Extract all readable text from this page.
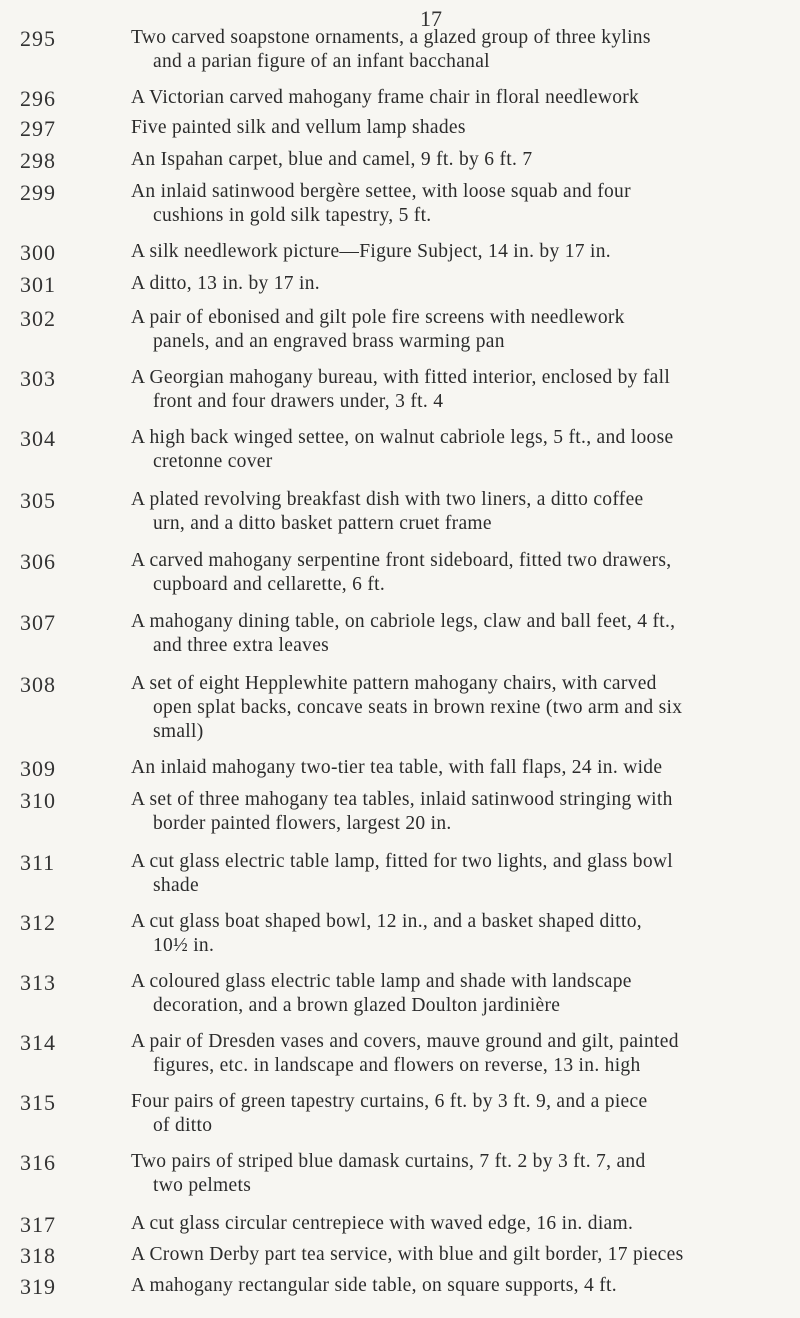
17
295	Two carved soapstone ornaments, a glazed group of three kylins
and a parian figure of an infant bacchanal
296	A Victorian carved mahogany frame chair in floral needlework
297	Five painted silk and vellum lamp shades
298	An Ispahan carpet, blue and camel, 9 ft. by 6 ft. 7
299	An inlaid satinwood bergère settee, with loose squab and four
cushions in gold silk tapestry, 5 ft.
300	A silk needlework picture—Figure Subject, 14 in. by 17 in.
301	A ditto, 13 in. by 17 in.
302	A pair of ebonised and gilt pole fire screens with needlework
panels, and an engraved brass warming pan
303	A Georgian mahogany bureau, with fitted interior, enclosed by fall
front and four drawers under, 3 ft. 4
304	A high back winged settee, on walnut cabriole legs, 5 ft., and loose
cretonne cover
305	A plated revolving breakfast dish with two liners, a ditto coffee
urn, and a ditto basket pattern cruet frame
306	A carved mahogany serpentine front sideboard, fitted two drawers,
cupboard and cellarette, 6 ft.
307	A mahogany dining table, on cabriole legs, claw and ball feet, 4 ft.,
and three extra leaves
308	A set of eight Hepplewhite pattern mahogany chairs, with carved
open splat backs, concave seats in brown rexine (two arm and six
small)
309	An inlaid mahogany two-tier tea table, with fall flaps, 24 in. wide
310	A set of three mahogany tea tables, inlaid satinwood stringing with
border painted flowers, largest 20 in.
311	A cut glass electric table lamp, fitted for two lights, and glass bowl
shade
312	A cut glass boat shaped bowl, 12 in., and a basket shaped ditto,
10½ in.
313	A coloured glass electric table lamp and shade with landscape
decoration, and a brown glazed Doulton jardinière
314	A pair of Dresden vases and covers, mauve ground and gilt, painted
figures, etc. in landscape and flowers on reverse, 13 in. high
315	Four pairs of green tapestry curtains, 6 ft. by 3 ft. 9, and a piece
of ditto
316	Two pairs of striped blue damask curtains, 7 ft. 2 by 3 ft. 7, and
two pelmets
317	A cut glass circular centrepiece with waved edge, 16 in. diam.
318	A Crown Derby part tea service, with blue and gilt border, 17 pieces
319	A mahogany rectangular side table, on square supports, 4 ft.
